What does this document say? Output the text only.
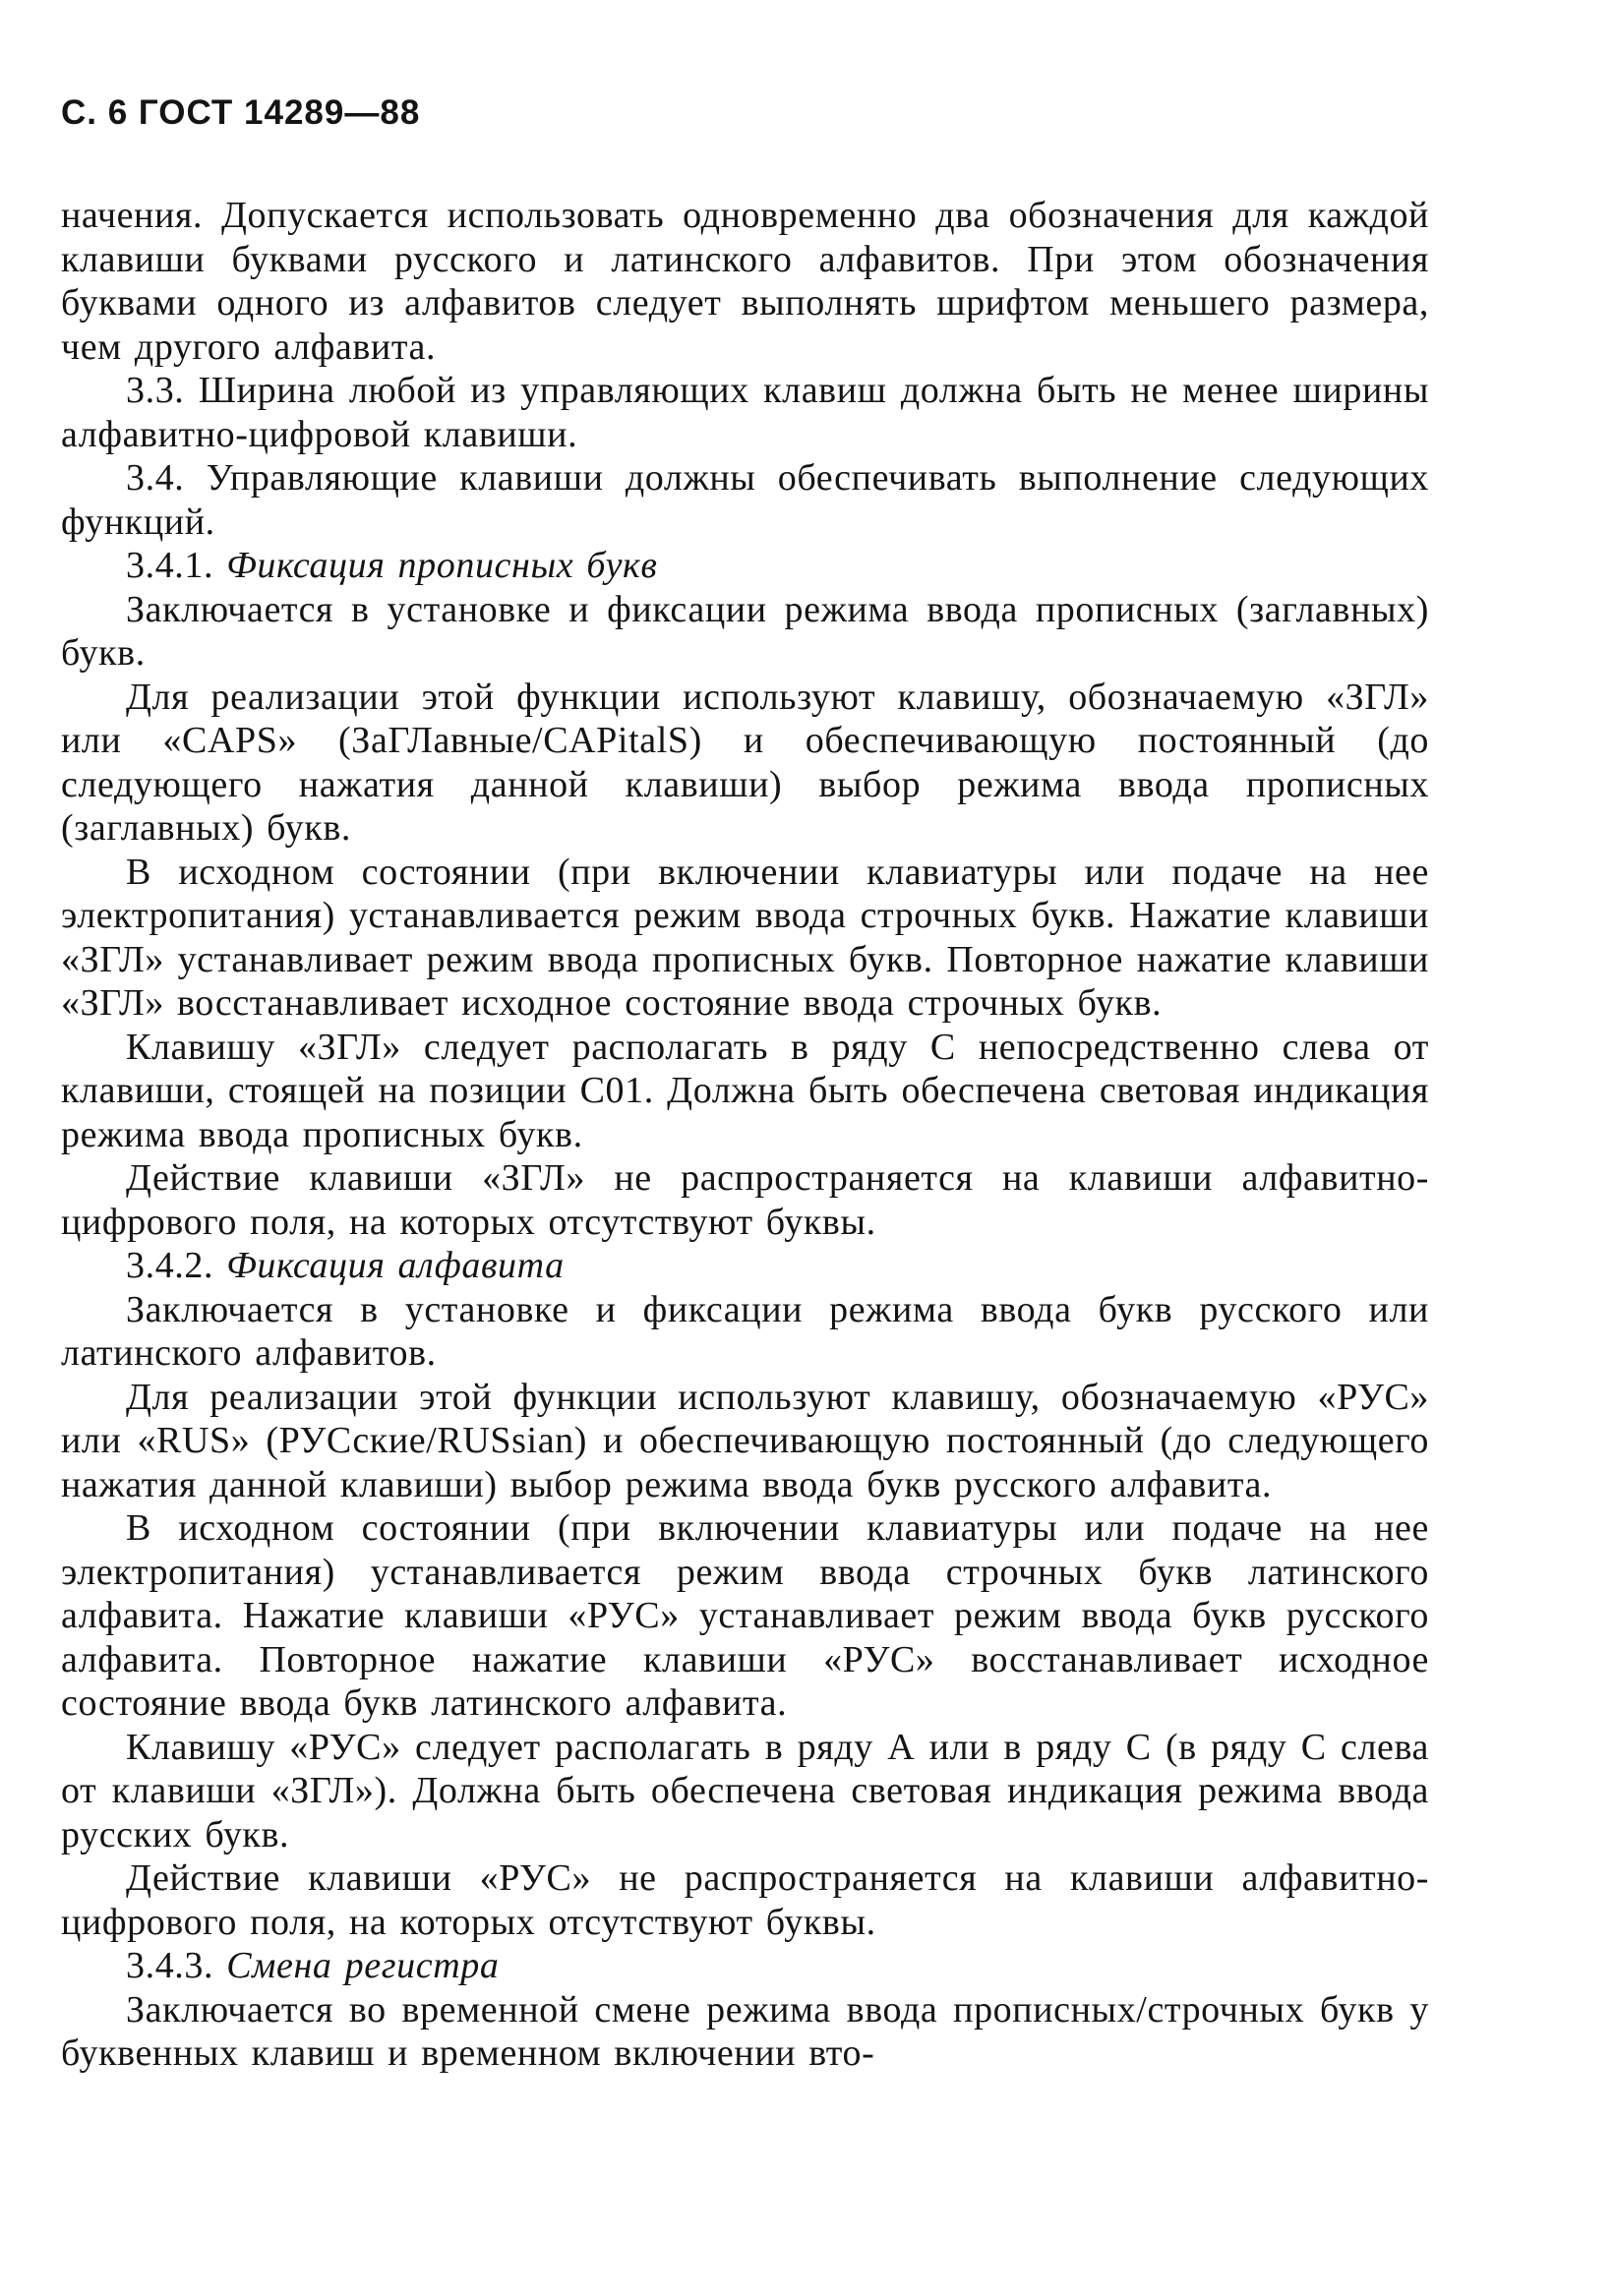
С. 6 ГОСТ 14289—88

начения. Допускается использовать одновременно два обозначения для каждой клавиши буквами русского и латинского алфавитов. При этом обозначения буквами одного из алфавитов следует выполнять шрифтом меньшего размера, чем другого алфавита.

3.3. Ширина любой из управляющих клавиш должна быть не менее ширины алфавитно-цифровой клавиши.

3.4. Управляющие клавиши должны обеспечивать выполнение следующих функций.

3.4.1. Фиксация прописных букв

Заключается в установке и фиксации режима ввода прописных (заглавных) букв.

Для реализации этой функции используют клавишу, обозначаемую «ЗГЛ» или «CAPS» (ЗаГЛавные/CAPitalS) и обеспечивающую постоянный (до следующего нажатия данной клавиши) выбор режима ввода прописных (заглавных) букв.

В исходном состоянии (при включении клавиатуры или подаче на нее электропитания) устанавливается режим ввода строчных букв. Нажатие клавиши «ЗГЛ» устанавливает режим ввода прописных букв. Повторное нажатие клавиши «ЗГЛ» восстанавливает исходное состояние ввода строчных букв.

Клавишу «ЗГЛ» следует располагать в ряду С непосредственно слева от клавиши, стоящей на позиции С01. Должна быть обеспечена световая индикация режима ввода прописных букв.

Действие клавиши «ЗГЛ» не распространяется на клавиши алфавитно-цифрового поля, на которых отсутствуют буквы.

3.4.2. Фиксация алфавита

Заключается в установке и фиксации режима ввода букв русского или латинского алфавитов.

Для реализации этой функции используют клавишу, обозначаемую «РУС» или «RUS» (РУСские/RUSsian) и обеспечивающую постоянный (до следующего нажатия данной клавиши) выбор режима ввода букв русского алфавита.

В исходном состоянии (при включении клавиатуры или подаче на нее электропитания) устанавливается режим ввода строчных букв латинского алфавита. Нажатие клавиши «РУС» устанавливает режим ввода букв русского алфавита. Повторное нажатие клавиши «РУС» восстанавливает исходное состояние ввода букв латинского алфавита.

Клавишу «РУС» следует располагать в ряду А или в ряду С (в ряду С слева от клавиши «ЗГЛ»). Должна быть обеспечена световая индикация режима ввода русских букв.

Действие клавиши «РУС» не распространяется на клавиши алфавитно-цифрового поля, на которых отсутствуют буквы.

3.4.3. Смена регистра

Заключается во временной смене режима ввода прописных/строчных букв у буквенных клавиш и временном включении вто-
